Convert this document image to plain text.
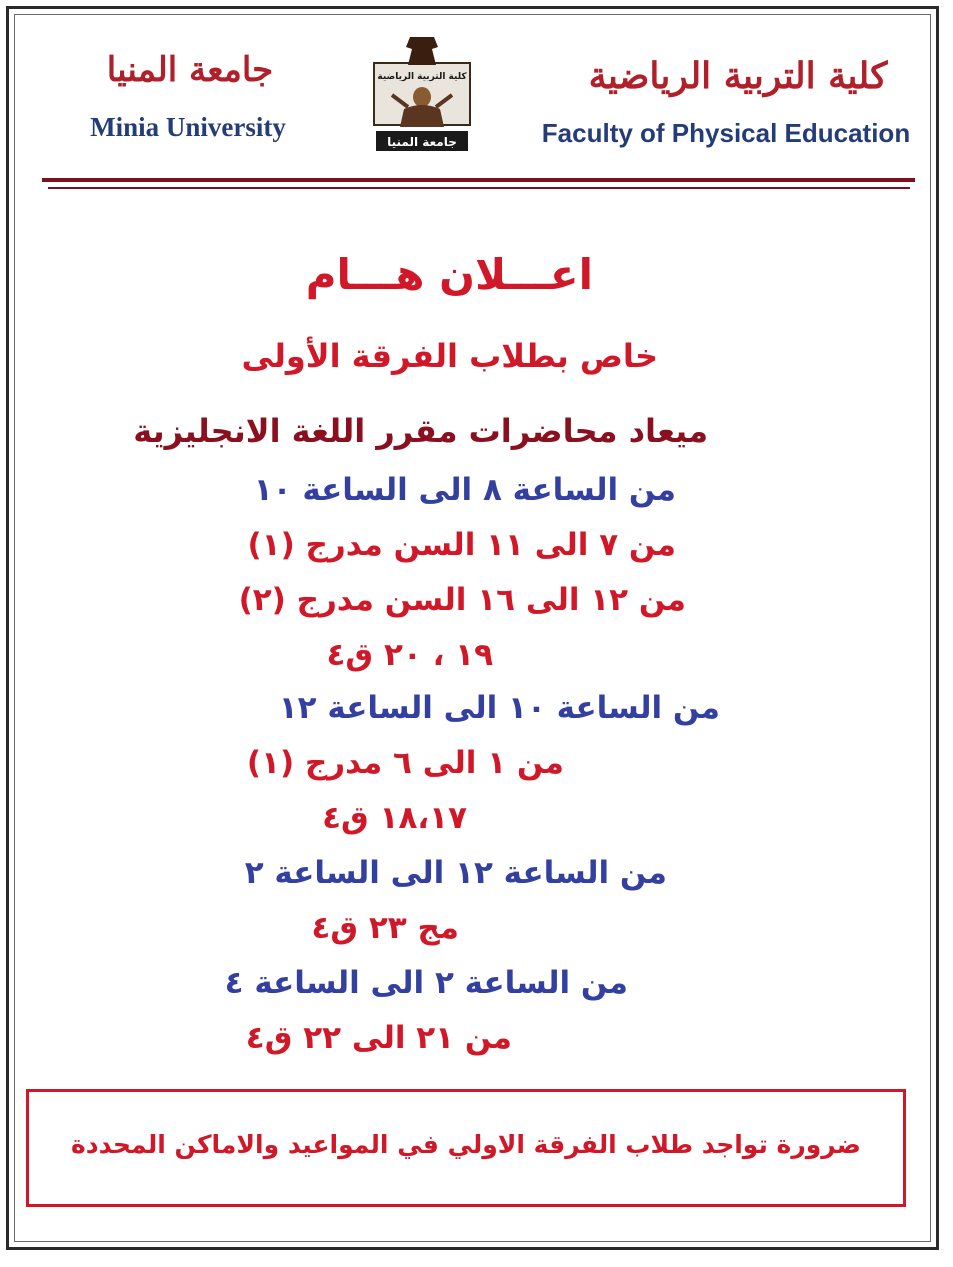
جامعة المنيا
Minia University
كلية التربية الرياضية
جامعة المنيا
كلية التربية الرياضية
Faculty of Physical Education
اعـــلان هـــام
خاص بطلاب الفرقة الأولى
ميعاد محاضرات مقرر اللغة الانجليزية
من الساعة ٨ الى الساعة ١٠
من ٧ الى ١١ السن مدرج (١)
من ١٢ الى ١٦ السن مدرج (٢)
١٩ ، ٢٠ ق٤
من الساعة ١٠ الى الساعة ١٢
من ١ الى ٦ مدرج (١)
١٨،١٧ ق٤
من الساعة ١٢ الى الساعة ٢
مج ٢٣ ق٤
من الساعة ٢ الى الساعة ٤
من ٢١ الى ٢٢ ق٤
ضرورة تواجد طلاب الفرقة الاولي في المواعيد والاماكن المحددة
